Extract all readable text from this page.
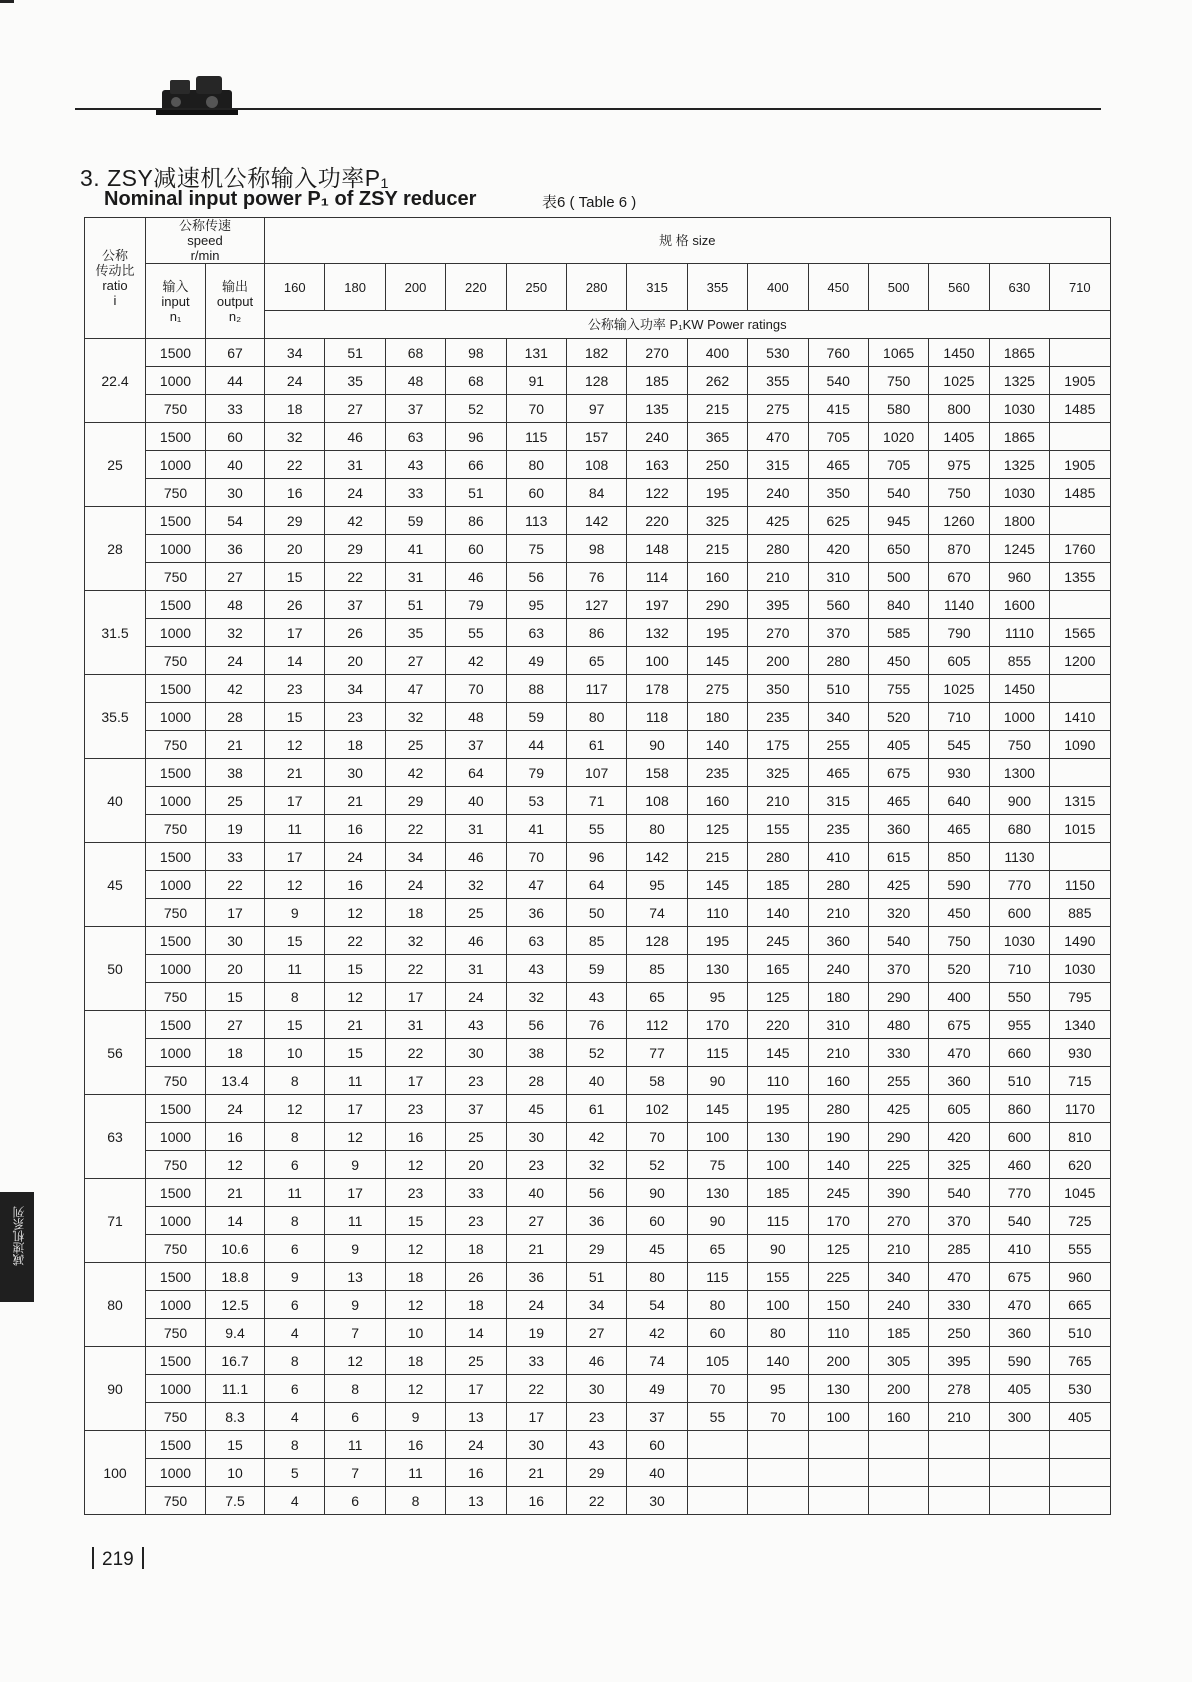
3. ZSY减速机公称输入功率P₁
Nominal input power P₁ of ZSY reducer	表6 ( Table 6 )
公称
传动比
ratio
i	公称传速
speed
r/min		规 格 size													
	输入
input
n₁	输出
output
n₂	160	180	200	220	250	280	315	355	400	450	500	560	630	710
			公称输入功率 P₁KW Power ratings													
22.4	1500	67	34	51	68	98	131	182	270	400	530	760	1065	1450	1865	
	1000	44	24	35	48	68	91	128	185	262	355	540	750	1025	1325	1905
	750	33	18	27	37	52	70	97	135	215	275	415	580	800	1030	1485
25	1500	60	32	46	63	96	115	157	240	365	470	705	1020	1405	1865	
	1000	40	22	31	43	66	80	108	163	250	315	465	705	975	1325	1905
	750	30	16	24	33	51	60	84	122	195	240	350	540	750	1030	1485
28	1500	54	29	42	59	86	113	142	220	325	425	625	945	1260	1800	
	1000	36	20	29	41	60	75	98	148	215	280	420	650	870	1245	1760
	750	27	15	22	31	46	56	76	114	160	210	310	500	670	960	1355
31.5	1500	48	26	37	51	79	95	127	197	290	395	560	840	1140	1600	
	1000	32	17	26	35	55	63	86	132	195	270	370	585	790	1110	1565
	750	24	14	20	27	42	49	65	100	145	200	280	450	605	855	1200
35.5	1500	42	23	34	47	70	88	117	178	275	350	510	755	1025	1450	
	1000	28	15	23	32	48	59	80	118	180	235	340	520	710	1000	1410
	750	21	12	18	25	37	44	61	90	140	175	255	405	545	750	1090
40	1500	38	21	30	42	64	79	107	158	235	325	465	675	930	1300	
	1000	25	17	21	29	40	53	71	108	160	210	315	465	640	900	1315
	750	19	11	16	22	31	41	55	80	125	155	235	360	465	680	1015
45	1500	33	17	24	34	46	70	96	142	215	280	410	615	850	1130	
	1000	22	12	16	24	32	47	64	95	145	185	280	425	590	770	1150
	750	17	9	12	18	25	36	50	74	110	140	210	320	450	600	885
50	1500	30	15	22	32	46	63	85	128	195	245	360	540	750	1030	1490
	1000	20	11	15	22	31	43	59	85	130	165	240	370	520	710	1030
	750	15	8	12	17	24	32	43	65	95	125	180	290	400	550	795
56	1500	27	15	21	31	43	56	76	112	170	220	310	480	675	955	1340
	1000	18	10	15	22	30	38	52	77	115	145	210	330	470	660	930
	750	13.4	8	11	17	23	28	40	58	90	110	160	255	360	510	715
63	1500	24	12	17	23	37	45	61	102	145	195	280	425	605	860	1170
	1000	16	8	12	16	25	30	42	70	100	130	190	290	420	600	810
	750	12	6	9	12	20	23	32	52	75	100	140	225	325	460	620
71	1500	21	11	17	23	33	40	56	90	130	185	245	390	540	770	1045
	1000	14	8	11	15	23	27	36	60	90	115	170	270	370	540	725
	750	10.6	6	9	12	18	21	29	45	65	90	125	210	285	410	555
80	1500	18.8	9	13	18	26	36	51	80	115	155	225	340	470	675	960
	1000	12.5	6	9	12	18	24	34	54	80	100	150	240	330	470	665
	750	9.4	4	7	10	14	19	27	42	60	80	110	185	250	360	510
90	1500	16.7	8	12	18	25	33	46	74	105	140	200	305	395	590	765
	1000	11.1	6	8	12	17	22	30	49	70	95	130	200	278	405	530
	750	8.3	4	6	9	13	17	23	37	55	70	100	160	210	300	405
100	1500	15	8	11	16	24	30	43	60							
	1000	10	5	7	11	16	21	29	40							
	750	7.5	4	6	8	13	16	22	30							
219
减速机系列
